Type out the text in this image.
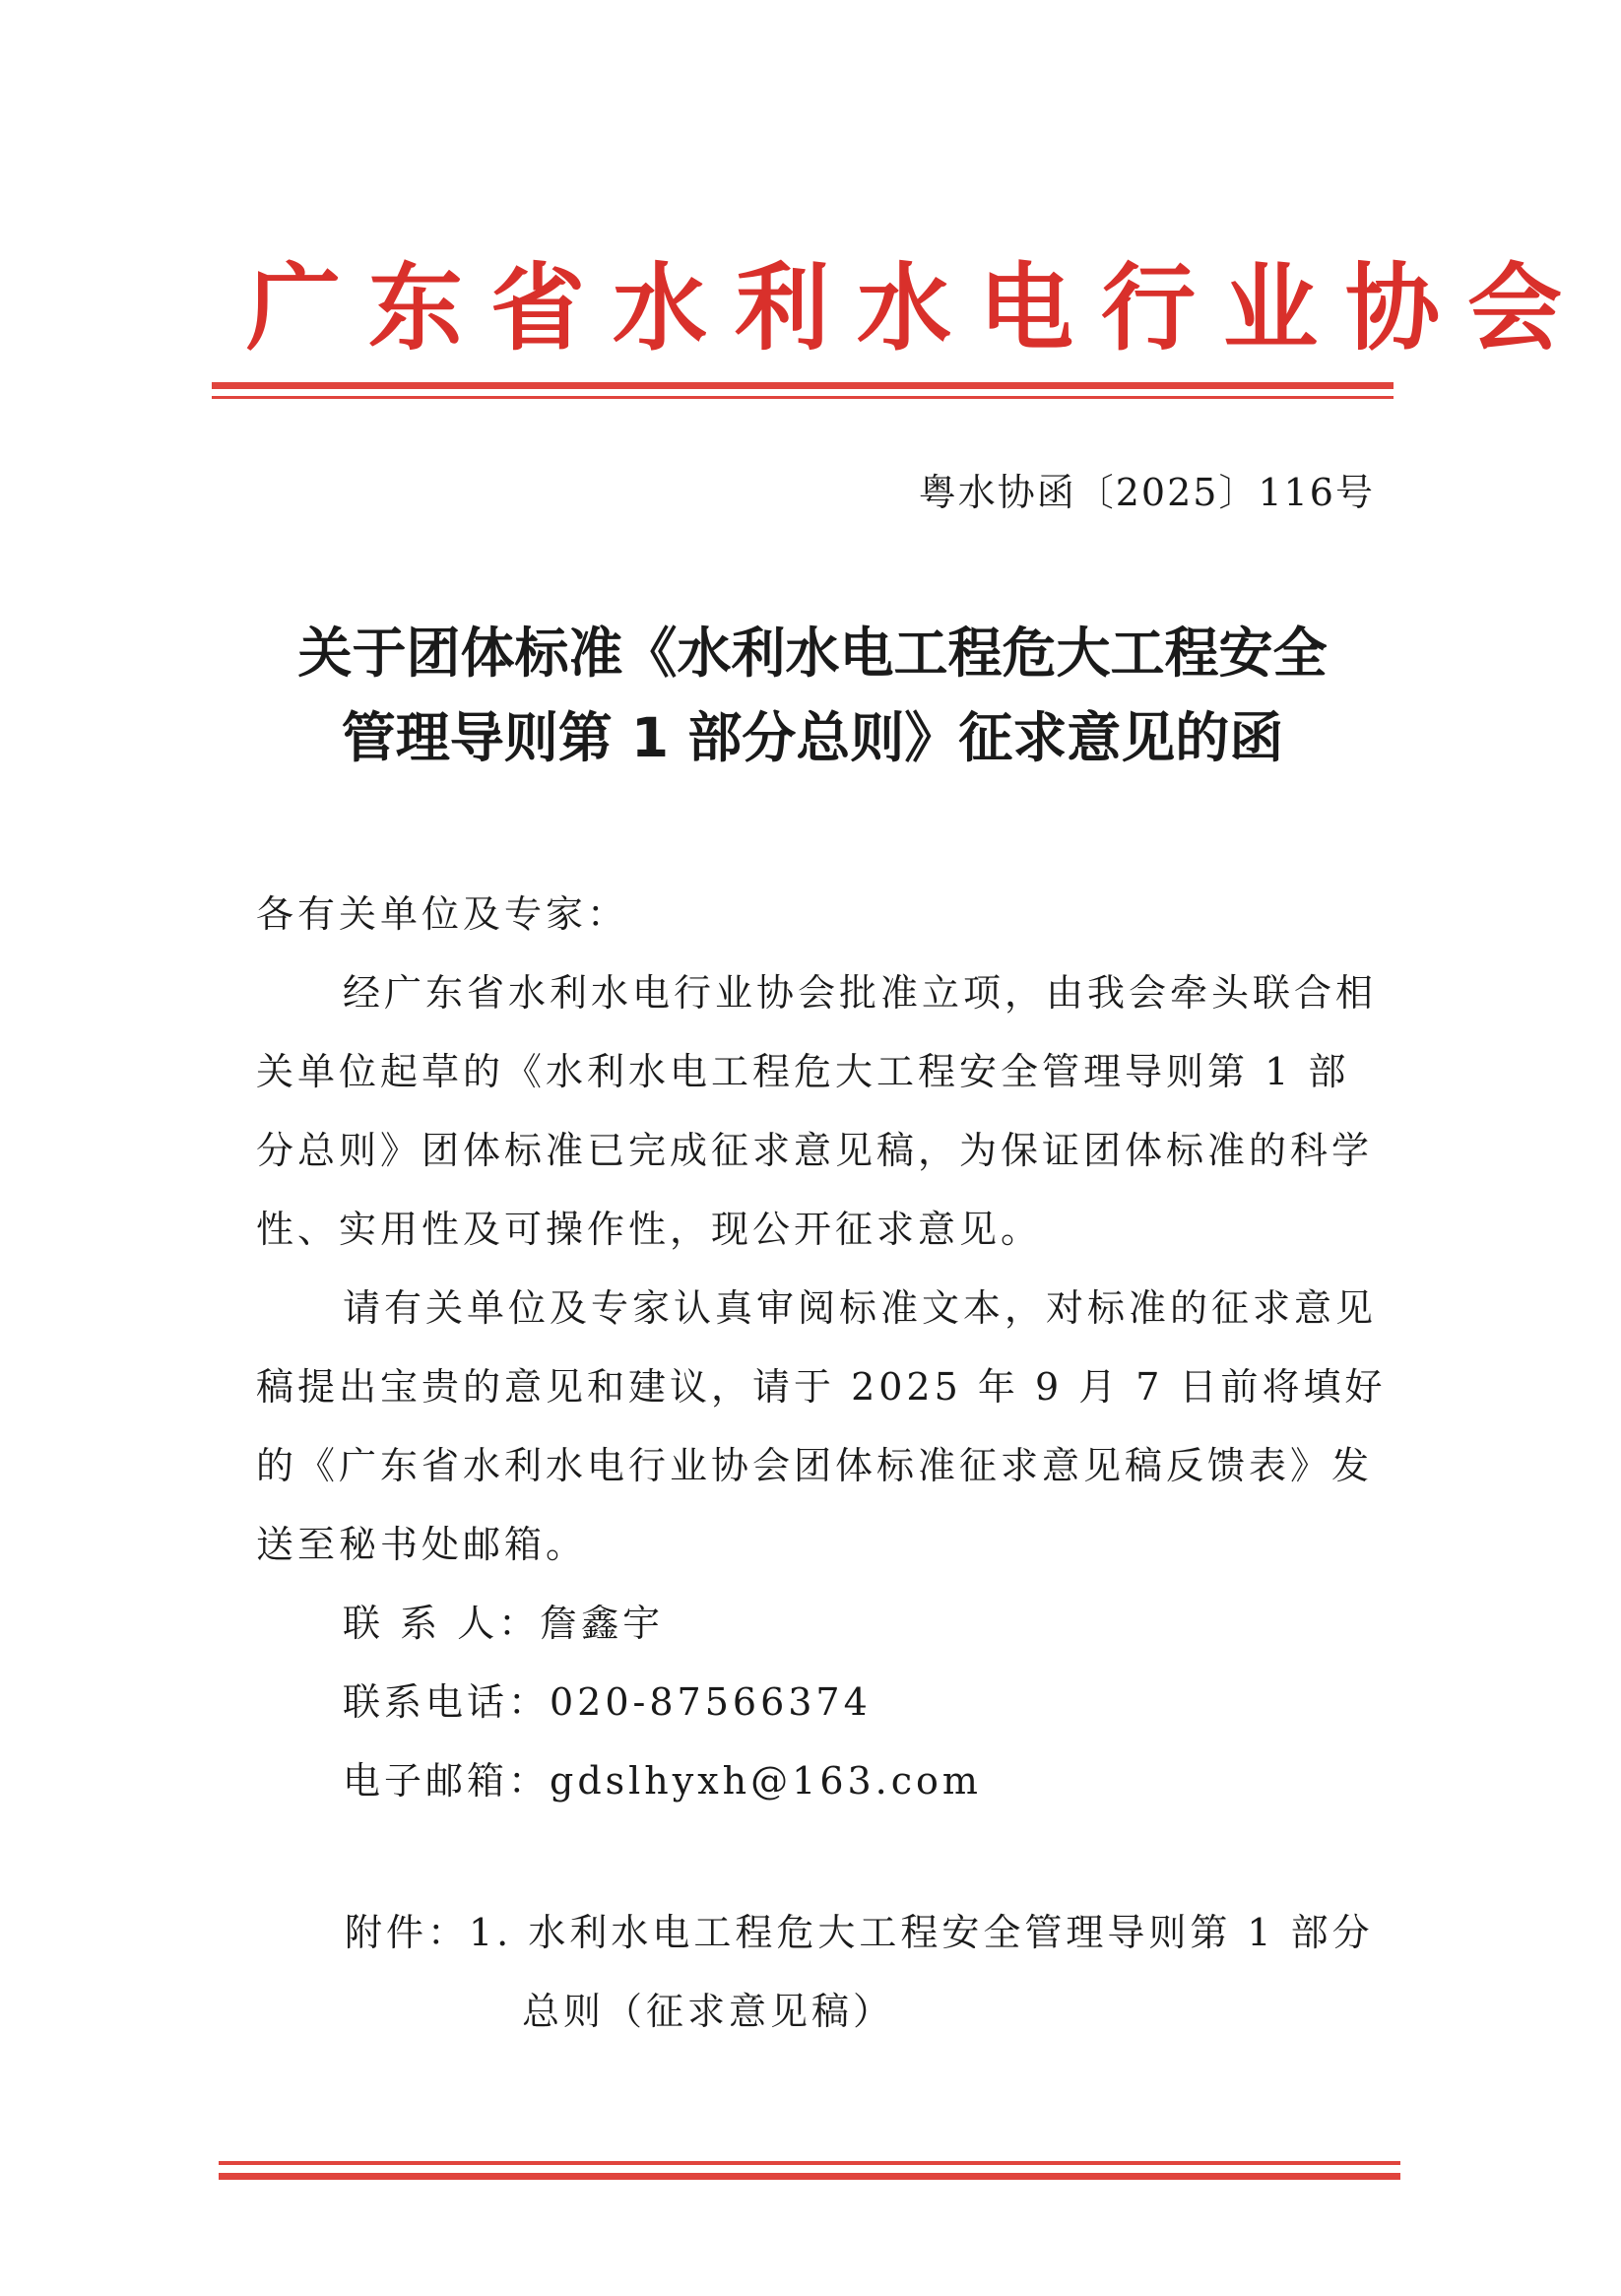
广东省水利水电行业协会

粤水协函〔2025〕116号

关于团体标准《水利水电工程危大工程安全
管理导则第 1 部分总则》征求意见的函

各有关单位及专家：

经广东省水利水电行业协会批准立项，由我会牵头联合相关单位起草的《水利水电工程危大工程安全管理导则第 1 部分总则》团体标准已完成征求意见稿，为保证团体标准的科学性、实用性及可操作性，现公开征求意见。

请有关单位及专家认真审阅标准文本，对标准的征求意见稿提出宝贵的意见和建议，请于 2025 年 9 月 7 日前将填好的《广东省水利水电行业协会团体标准征求意见稿反馈表》发送至秘书处邮箱。

联 系 人：詹鑫宇

联系电话：020-87566374

电子邮箱：gdslhyxh@163.com

附件：1. 水利水电工程危大工程安全管理导则第 1 部分

总则（征求意见稿）
